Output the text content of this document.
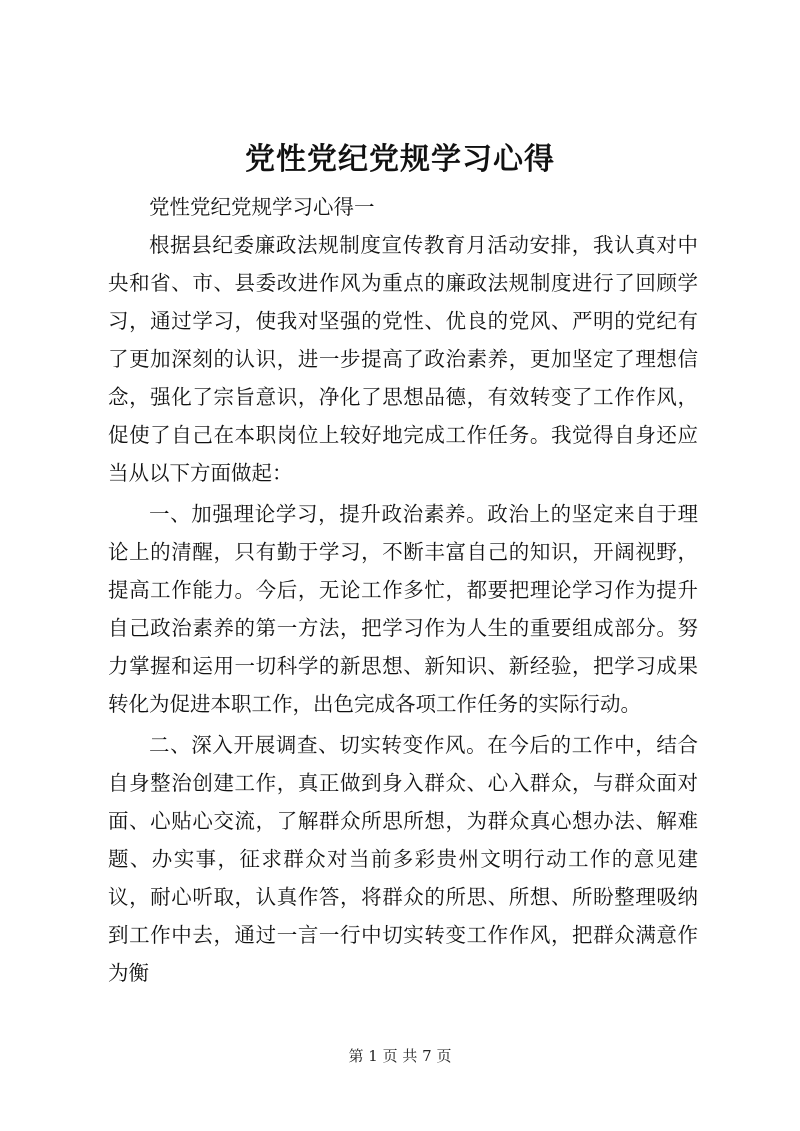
党性党纪党规学习心得

党性党纪党规学习心得一

根据县纪委廉政法规制度宣传教育月活动安排，我认真对中央和省、市、县委改进作风为重点的廉政法规制度进行了回顾学习，通过学习，使我对坚强的党性、优良的党风、严明的党纪有了更加深刻的认识，进一步提高了政治素养，更加坚定了理想信念，强化了宗旨意识，净化了思想品德，有效转变了工作作风，促使了自己在本职岗位上较好地完成工作任务。我觉得自身还应当从以下方面做起：

一、加强理论学习，提升政治素养。政治上的坚定来自于理论上的清醒，只有勤于学习，不断丰富自己的知识，开阔视野，提高工作能力。今后，无论工作多忙，都要把理论学习作为提升自己政治素养的第一方法，把学习作为人生的重要组成部分。努力掌握和运用一切科学的新思想、新知识、新经验，把学习成果转化为促进本职工作，出色完成各项工作任务的实际行动。

二、深入开展调查、切实转变作风。在今后的工作中，结合自身整治创建工作，真正做到身入群众、心入群众，与群众面对面、心贴心交流，了解群众所思所想，为群众真心想办法、解难题、办实事，征求群众对当前多彩贵州文明行动工作的意见建议，耐心听取，认真作答，将群众的所思、所想、所盼整理吸纳到工作中去，通过一言一行中切实转变工作作风，把群众满意作为衡

第 1 页 共 7 页
